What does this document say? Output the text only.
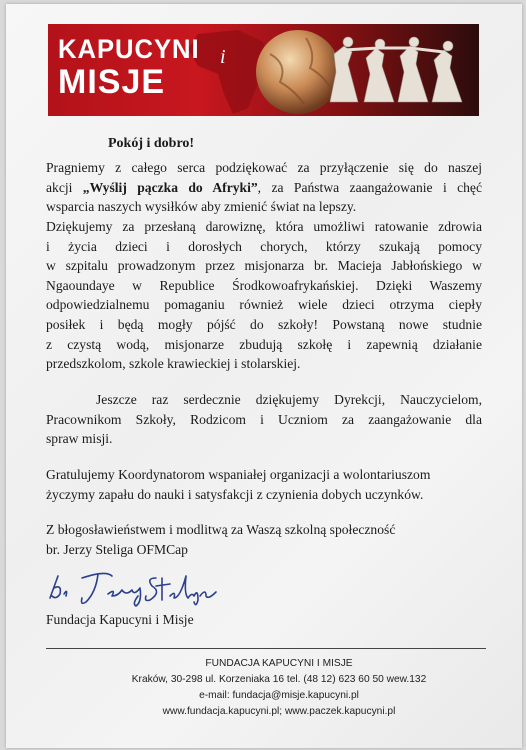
KAPUCYNI
MISJE
i
Pokój i dobro!
Pragniemy z całego serca podziękować za przyłączenie się do naszej
akcji „Wyślij pączka do Afryki”, za Państwa zaangażowanie i chęć
wsparcia naszych wysiłków aby zmienić świat na lepszy.
Dziękujemy za przesłaną darowiznę, która umożliwi ratowanie zdrowia
i życia dzieci i dorosłych chorych, którzy szukają pomocy
w szpitalu prowadzonym przez misjonarza br. Macieja Jabłońskiego w
Ngaoundaye w Republice Środkowoafrykańskiej. Dzięki Waszemy
odpowiedzialnemu pomaganiu również wiele dzieci otrzyma ciepły
posiłek i będą mogły pójść do szkoły! Powstaną nowe studnie
z czystą wodą, misjonarze zbudują szkołę i zapewnią działanie
przedszkolom, szkole krawieckiej i stolarskiej.
Jeszcze raz serdecznie dziękujemy Dyrekcji, Nauczycielom,
Pracownikom Szkoły, Rodzicom i Uczniom za zaangażowanie dla
spraw misji.
Gratulujemy Koordynatorom wspaniałej organizacji a wolontariuszom
życzymy zapału do nauki i satysfakcji z czynienia dobych uczynków.
Z błogosławieństwem i modlitwą za Waszą szkolną społeczność
br. Jerzy Steliga OFMCap
Fundacja Kapucyni i Misje
FUNDACJA KAPUCYNI I MISJE
Kraków, 30-298 ul. Korzeniaka 16 tel. (48 12) 623 60 50 wew.132
e-mail: fundacja@misje.kapucyni.pl
www.fundacja.kapucyni.pl; www.paczek.kapucyni.pl
